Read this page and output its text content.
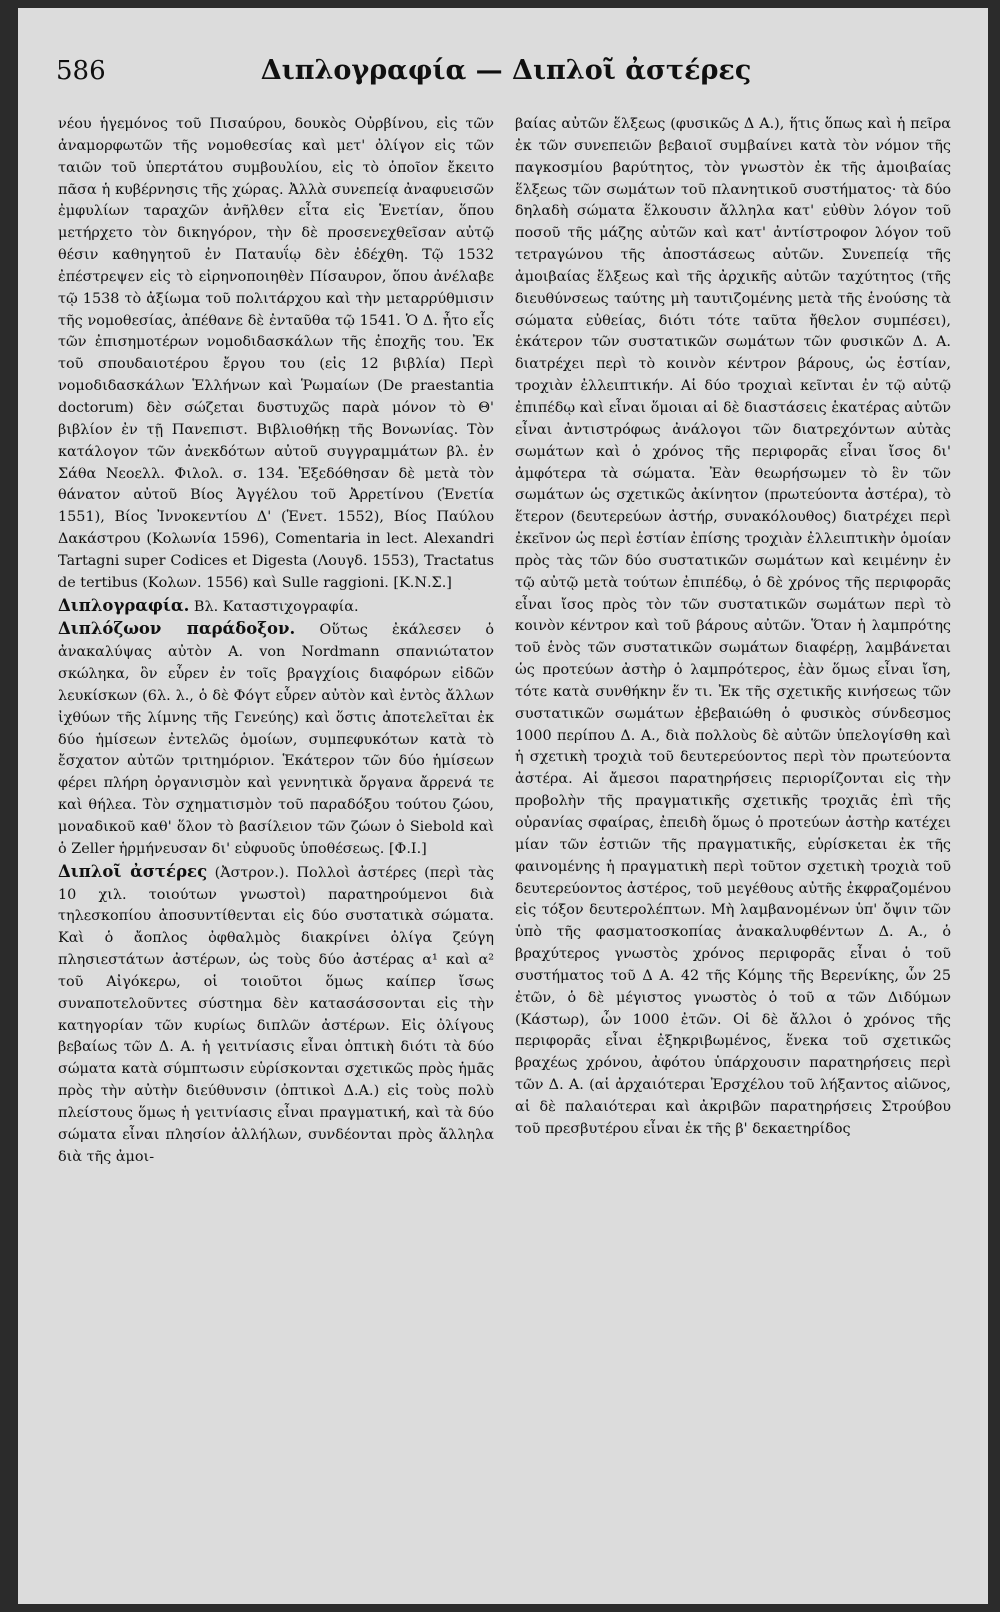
586	Διπλογραφία — Διπλοῖ ἀστέρες

νέου ἡγεμόνος τοῦ Πισαύρου, δουκὸς Οὐρβίνου, εἰς τῶν ἀναμορφωτῶν τῆς νομοθεσίας καὶ μετ' ὀλίγον εἰς τῶν ταιῶν τοῦ ὑπερτάτου συμβουλίου, εἰς τὸ ὁποῖον ἔκειτο πᾶσα ἡ κυβέρνησις τῆς χώρας. Ἀλλὰ συνεπείᾳ ἀναφυεισῶν ἐμφυλίων ταραχῶν ἀνῆλθεν εἶτα εἰς Ἑνετίαν, ὅπου μετήρχετο τὸν δικηγόρον, τὴν δὲ προσενεχθεῖσαν αὐτῷ θέσιν καθηγητοῦ ἐν Παταυΐῳ δὲν ἐδέχθη. Τῷ 1532 ἐπέστρεψεν εἰς τὸ εἰρηνοποιηθὲν Πίσαυρον, ὅπου ἀνέλαβε τῷ 1538 τὸ ἀξίωμα τοῦ πολιτάρχου καὶ τὴν μεταρρύθμισιν τῆς νομοθεσίας, ἀπέθανε δὲ ἐνταῦθα τῷ 1541. Ὁ Δ. ἦτο εἷς τῶν ἐπισημοτέρων νομοδιδασκάλων τῆς ἐποχῆς του. Ἐκ τοῦ σπουδαιοτέρου ἔργου του (εἰς 12 βιβλία) Περὶ νομοδιδασκάλων Ἑλλήνων καὶ Ῥωμαίων (De praestantia doctorum) δὲν σώζεται δυστυχῶς παρὰ μόνον τὸ Θ' βιβλίον ἐν τῇ Πανεπιστ. Βιβλιοθήκῃ τῆς Βονωνίας. Τὸν κατάλογον τῶν ἀνεκδότων αὐτοῦ συγγραμμάτων βλ. ἐν Σάθα Νεοελλ. Φιλολ. σ. 134. Ἐξεδόθησαν δὲ μετὰ τὸν θάνατον αὐτοῦ Βίος Ἀγγέλου τοῦ Ἀρρετίνου (Ἑνετία 1551), Βίος Ἰννοκεντίου Δ' (Ἑνετ. 1552), Βίος Παύλου Δακάστρου (Κολωνία 1596), Comentaria in lect. Alexandri Tartagni super Codices et Digesta (Λουγδ. 1553), Tractatus de tertibus (Κολων. 1556) καὶ Sulle raggioni. [Κ.Ν.Σ.]

Διπλογραφία. Βλ. Καταστιχογραφία.

Διπλόζωον παράδοξον. Οὕτως ἐκάλεσεν ὁ ἀνακαλύψας αὐτὸν Α. von Nordmann σπανιώτατον σκώληκα, ὃν εὗρεν ἐν τοῖς βραγχίοις διαφόρων εἰδῶν λευκίσκων (6λ. λ., ὁ δὲ Φόγτ εὗρεν αὐτὸν καὶ ἐντὸς ἄλλων ἰχθύων τῆς λίμνης τῆς Γενεύης) καὶ ὅστις ἀποτελεῖται ἐκ δύο ἡμίσεων ἐντελῶς ὁμοίων, συμπεφυκότων κατὰ τὸ ἔσχατον αὐτῶν τριτημόριον. Ἑκάτερον τῶν δύο ἡμίσεων φέρει πλήρη ὀργανισμὸν καὶ γεννητικὰ ὄργανα ἄρρενά τε καὶ θήλεα. Τὸν σχηματισμὸν τοῦ παραδόξου τούτου ζώου, μοναδικοῦ καθ' ὅλον τὸ βασίλειον τῶν ζώων ὁ Siebold καὶ ὁ Zeller ἡρμήνευσαν δι' εὐφυοῦς ὑποθέσεως. [Φ.Ι.]

Διπλοῖ ἀστέρες (Ἀστρον.). Πολλοὶ ἀστέρες (περὶ τὰς 10 χιλ. τοιούτων γνωστοὶ) παρατηρούμενοι διὰ τηλεσκοπίου ἀποσυντίθενται εἰς δύο συστατικὰ σώματα. Καὶ ὁ ἄοπλος ὀφθαλμὸς διακρίνει ὀλίγα ζεύγη πλησιεστάτων ἀστέρων, ὡς τοὺς δύο ἀστέρας α¹ καὶ α² τοῦ Αἰγόκερω, οἱ τοιοῦτοι ὅμως καίπερ ἴσως συναποτελοῦντες σύστημα δὲν κατασάσσονται εἰς τὴν κατηγορίαν τῶν κυρίως διπλῶν ἀστέρων. Εἰς ὀλίγους βεβαίως τῶν Δ. Α. ἡ γειτνίασις εἶναι ὀπτικὴ διότι τὰ δύο σώματα κατὰ σύμπτωσιν εὑρίσκονται σχετικῶς πρὸς ἡμᾶς πρὸς τὴν αὐτὴν διεύθυνσιν (ὀπτικοὶ Δ.Α.) εἰς τοὺς πολὺ πλείστους ὅμως ἡ γειτνίασις εἶναι πραγματική, καὶ τὰ δύο σώματα εἶναι πλησίον ἀλλήλων, συνδέονται πρὸς ἄλληλα διὰ τῆς ἀμοι-

βαίας αὐτῶν ἕλξεως (φυσικῶς Δ Α.), ἥτις ὅπως καὶ ἡ πεῖρα ἐκ τῶν συνεπειῶν βεβαιοῖ συμβαίνει κατὰ τὸν νόμον τῆς παγκοσμίου βαρύτητος, τὸν γνωστὸν ἐκ τῆς ἀμοιβαίας ἕλξεως τῶν σωμάτων τοῦ πλανητικοῦ συστήματος· τὰ δύο δηλαδὴ σώματα ἕλκουσιν ἄλληλα κατ' εὐθὺν λόγον τοῦ ποσοῦ τῆς μάζης αὐτῶν καὶ κατ' ἀντίστροφον λόγον τοῦ τετραγώνου τῆς ἀποστάσεως αὐτῶν. Συνεπείᾳ τῆς ἀμοιβαίας ἕλξεως καὶ τῆς ἀρχικῆς αὐτῶν ταχύτητος (τῆς διευθύνσεως ταύτης μὴ ταυτιζομένης μετὰ τῆς ἑνούσης τὰ σώματα εὐθείας, διότι τότε ταῦτα ἤθελον συμπέσει), ἑκάτερον τῶν συστατικῶν σωμάτων τῶν φυσικῶν Δ. Α. διατρέχει περὶ τὸ κοινὸν κέντρον βάρους, ὡς ἑστίαν, τροχιὰν ἐλλειπτικήν. Αἱ δύο τροχιαὶ κεῖνται ἐν τῷ αὐτῷ ἐπιπέδῳ καὶ εἶναι ὅμοιαι αἱ δὲ διαστάσεις ἑκατέρας αὐτῶν εἶναι ἀντιστρόφως ἀνάλογοι τῶν διατρεχόντων αὐτὰς σωμάτων καὶ ὁ χρόνος τῆς περιφορᾶς εἶναι ἴσος δι' ἀμφότερα τὰ σώματα. Ἐὰν θεωρήσωμεν τὸ ἓν τῶν σωμάτων ὡς σχετικῶς ἀκίνητον (πρωτεύοντα ἀστέρα), τὸ ἕτερον (δευτερεύων ἀστήρ, συνακόλουθος) διατρέχει περὶ ἐκεῖνον ὡς περὶ ἑστίαν ἐπίσης τροχιὰν ἐλλειπτικὴν ὁμοίαν πρὸς τὰς τῶν δύο συστατικῶν σωμάτων καὶ κειμένην ἐν τῷ αὐτῷ μετὰ τούτων ἐπιπέδῳ, ὁ δὲ χρόνος τῆς περιφορᾶς εἶναι ἴσος πρὸς τὸν τῶν συστατικῶν σωμάτων περὶ τὸ κοινὸν κέντρον καὶ τοῦ βάρους αὐτῶν. Ὅταν ἡ λαμπρότης τοῦ ἑνὸς τῶν συστατικῶν σωμάτων διαφέρῃ, λαμβάνεται ὡς προτεύων ἀστὴρ ὁ λαμπρότερος, ἐὰν ὅμως εἶναι ἴση, τότε κατὰ συνθήκην ἕν τι. Ἐκ τῆς σχετικῆς κινήσεως τῶν συστατικῶν σωμάτων ἐβεβαιώθη ὁ φυσικὸς σύνδεσμος 1000 περίπου Δ. Α., διὰ πολλοὺς δὲ αὐτῶν ὑπελογίσθη καὶ ἡ σχετικὴ τροχιὰ τοῦ δευτερεύοντος περὶ τὸν πρωτεύοντα ἀστέρα. Αἱ ἄμεσοι παρατηρήσεις περιορίζονται εἰς τὴν προβολὴν τῆς πραγματικῆς σχετικῆς τροχιᾶς ἐπὶ τῆς οὐρανίας σφαίρας, ἐπειδὴ ὅμως ὁ προτεύων ἀστὴρ κατέχει μίαν τῶν ἑστιῶν τῆς πραγματικῆς, εὑρίσκεται ἐκ τῆς φαινομένης ἡ πραγματικὴ περὶ τοῦτον σχετικὴ τροχιὰ τοῦ δευτερεύοντος ἀστέρος, τοῦ μεγέθους αὐτῆς ἐκφραζομένου εἰς τόξον δευτερολέπτων. Μὴ λαμβανομένων ὑπ' ὄψιν τῶν ὑπὸ τῆς φασματοσκοπίας ἀνακαλυφθέντων Δ. Α., ὁ βραχύτερος γνωστὸς χρόνος περιφορᾶς εἶναι ὁ τοῦ συστήματος τοῦ Δ Α. 42 τῆς Κόμης τῆς Βερενίκης, ὧν 25 ἐτῶν, ὁ δὲ μέγιστος γνωστὸς ὁ τοῦ α τῶν Διδύμων (Κάστωρ), ὧν 1000 ἐτῶν. Οἱ δὲ ἄλλοι ὁ χρόνος τῆς περιφορᾶς εἶναι ἐξηκριβωμένος, ἕνεκα τοῦ σχετικῶς βραχέως χρόνου, ἀφότου ὑπάρχουσιν παρατηρήσεις περὶ τῶν Δ. Α. (αἱ ἀρχαιότεραι Ἐρσχέλου τοῦ λήξαντος αἰῶνος, αἱ δὲ παλαιότεραι καὶ ἀκριβῶν παρατηρήσεις Στρούβου τοῦ πρεσβυτέρου εἶναι ἐκ τῆς β' δεκαετηρίδος
